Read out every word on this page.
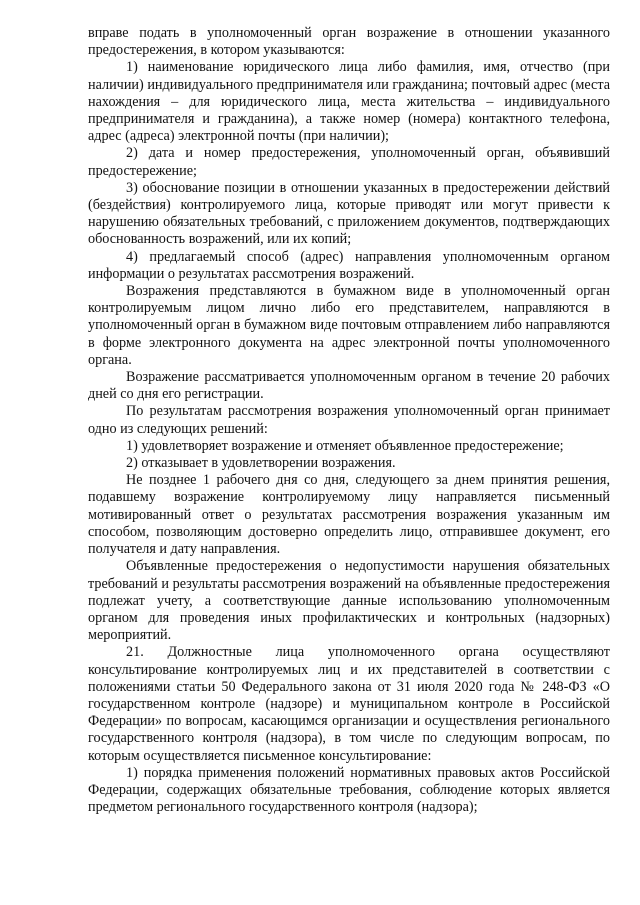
вправе подать в уполномоченный орган возражение в отношении указанного предостережения, в котором указываются:

1) наименование юридического лица либо фамилия, имя, отчество (при наличии) индивидуального предпринимателя или гражданина; почтовый адрес (места нахождения – для юридического лица, места жительства – индивидуального предпринимателя и гражданина), а также номер (номера) контактного телефона, адрес (адреса) электронной почты (при наличии);

2) дата и номер предостережения, уполномоченный орган, объявивший предостережение;

3) обоснование позиции в отношении указанных в предостережении действий (бездействия) контролируемого лица, которые приводят или могут привести к нарушению обязательных требований, с приложением документов, подтверждающих обоснованность возражений, или их копий;

4) предлагаемый способ (адрес) направления уполномоченным органом информации о результатах рассмотрения возражений.

Возражения представляются в бумажном виде в уполномоченный орган контролируемым лицом лично либо его представителем, направляются в уполномоченный орган в бумажном виде почтовым отправлением либо направляются в форме электронного документа на адрес электронной почты уполномоченного органа.

Возражение рассматривается уполномоченным органом в течение 20 рабочих дней со дня его регистрации.

По результатам рассмотрения возражения уполномоченный орган принимает одно из следующих решений:

1) удовлетворяет возражение и отменяет объявленное предостережение;

2) отказывает в удовлетворении возражения.

Не позднее 1 рабочего дня со дня, следующего за днем принятия решения, подавшему возражение контролируемому лицу направляется письменный мотивированный ответ о результатах рассмотрения возражения указанным им способом, позволяющим достоверно определить лицо, отправившее документ, его получателя и дату направления.

Объявленные предостережения о недопустимости нарушения обязательных требований и результаты рассмотрения возражений на объявленные предостережения подлежат учету, а соответствующие данные использованию уполномоченным органом для проведения иных профилактических и контрольных (надзорных) мероприятий.

21. Должностные лица уполномоченного органа осуществляют консультирование контролируемых лиц и их представителей в соответствии с положениями статьи 50 Федерального закона от 31 июля 2020 года № 248-ФЗ «О государственном контроле (надзоре) и муниципальном контроле в Российской Федерации» по вопросам, касающимся организации и осуществления регионального государственного контроля (надзора), в том числе по следующим вопросам, по которым осуществляется письменное консультирование:

1) порядка применения положений нормативных правовых актов Российской Федерации, содержащих обязательные требования, соблюдение которых является предметом регионального государственного контроля (надзора);
